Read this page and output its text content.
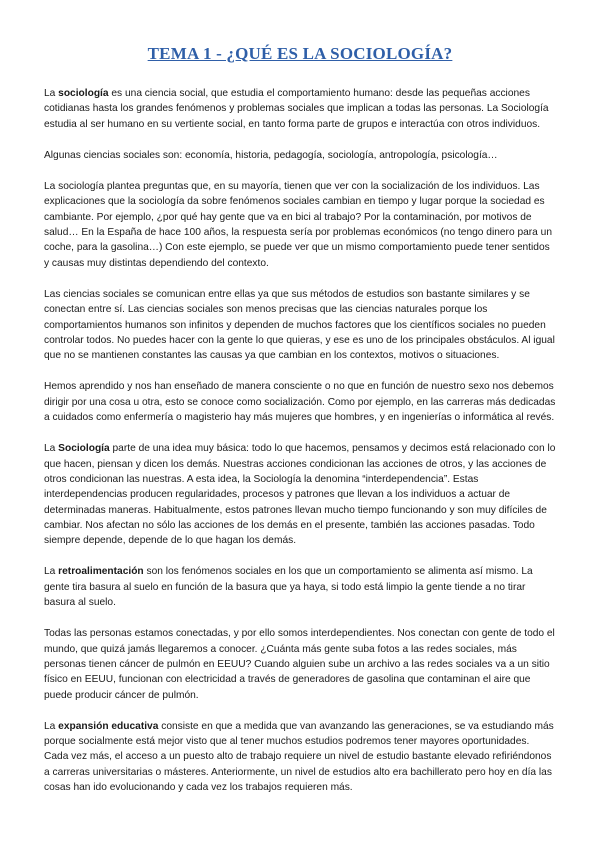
TEMA 1 - ¿QUÉ ES LA SOCIOLOGÍA?

La sociología es una ciencia social, que estudia el comportamiento humano: desde las pequeñas acciones cotidianas hasta los grandes fenómenos y problemas sociales que implican a todas las personas. La Sociología estudia al ser humano en su vertiente social, en tanto forma parte de grupos e interactúa con otros individuos.

Algunas ciencias sociales son: economía, historia, pedagogía, sociología, antropología, psicología…

La sociología plantea preguntas que, en su mayoría, tienen que ver con la socialización de los individuos. Las explicaciones que la sociología da sobre fenómenos sociales cambian en tiempo y lugar porque la sociedad es cambiante. Por ejemplo, ¿por qué hay gente que va en bici al trabajo? Por la contaminación, por motivos de salud… En la España de hace 100 años, la respuesta sería por problemas económicos (no tengo dinero para un coche, para la gasolina…) Con este ejemplo, se puede ver que un mismo comportamiento puede tener sentidos y causas muy distintas dependiendo del contexto.

Las ciencias sociales se comunican entre ellas ya que sus métodos de estudios son bastante similares y se conectan entre sí. Las ciencias sociales son menos precisas que las ciencias naturales porque los comportamientos humanos son infinitos y dependen de muchos factores que los científicos sociales no pueden controlar todos. No puedes hacer con la gente lo que quieras, y ese es uno de los principales obstáculos. Al igual que no se mantienen constantes las causas ya que cambian en los contextos, motivos o situaciones.

Hemos aprendido y nos han enseñado de manera consciente o no que en función de nuestro sexo nos debemos dirigir por una cosa u otra, esto se conoce como socialización. Como por ejemplo, en las carreras más dedicadas a cuidados como enfermería o magisterio hay más mujeres que hombres, y en ingenierías o informática al revés.

La Sociología parte de una idea muy básica: todo lo que hacemos, pensamos y decimos está relacionado con lo que hacen, piensan y dicen los demás. Nuestras acciones condicionan las acciones de otros, y las acciones de otros condicionan las nuestras. A esta idea, la Sociología la denomina “interdependencia”. Estas interdependencias producen regularidades, procesos y patrones que llevan a los individuos a actuar de determinadas maneras. Habitualmente, estos patrones llevan mucho tiempo funcionando y son muy difíciles de cambiar. Nos afectan no sólo las acciones de los demás en el presente, también las acciones pasadas. Todo siempre depende, depende de lo que hagan los demás.

La retroalimentación son los fenómenos sociales en los que un comportamiento se alimenta así mismo. La gente tira basura al suelo en función de la basura que ya haya, si todo está limpio la gente tiende a no tirar basura al suelo.

Todas las personas estamos conectadas, y por ello somos interdependientes. Nos conectan con gente de todo el mundo, que quizá jamás llegaremos a conocer. ¿Cuánta más gente suba fotos a las redes sociales, más personas tienen cáncer de pulmón en EEUU? Cuando alguien sube un archivo a las redes sociales va a un sitio físico en EEUU, funcionan con electricidad a través de generadores de gasolina que contaminan el aire que puede producir cáncer de pulmón.

La expansión educativa consiste en que a medida que van avanzando las generaciones, se va estudiando más porque socialmente está mejor visto que al tener muchos estudios podremos tener mayores oportunidades. Cada vez más, el acceso a un puesto alto de trabajo requiere un nivel de estudio bastante elevado refiriéndonos a carreras universitarias o másteres. Anteriormente, un nivel de estudios alto era bachillerato pero hoy en día las cosas han ido evolucionando y cada vez los trabajos requieren más.
